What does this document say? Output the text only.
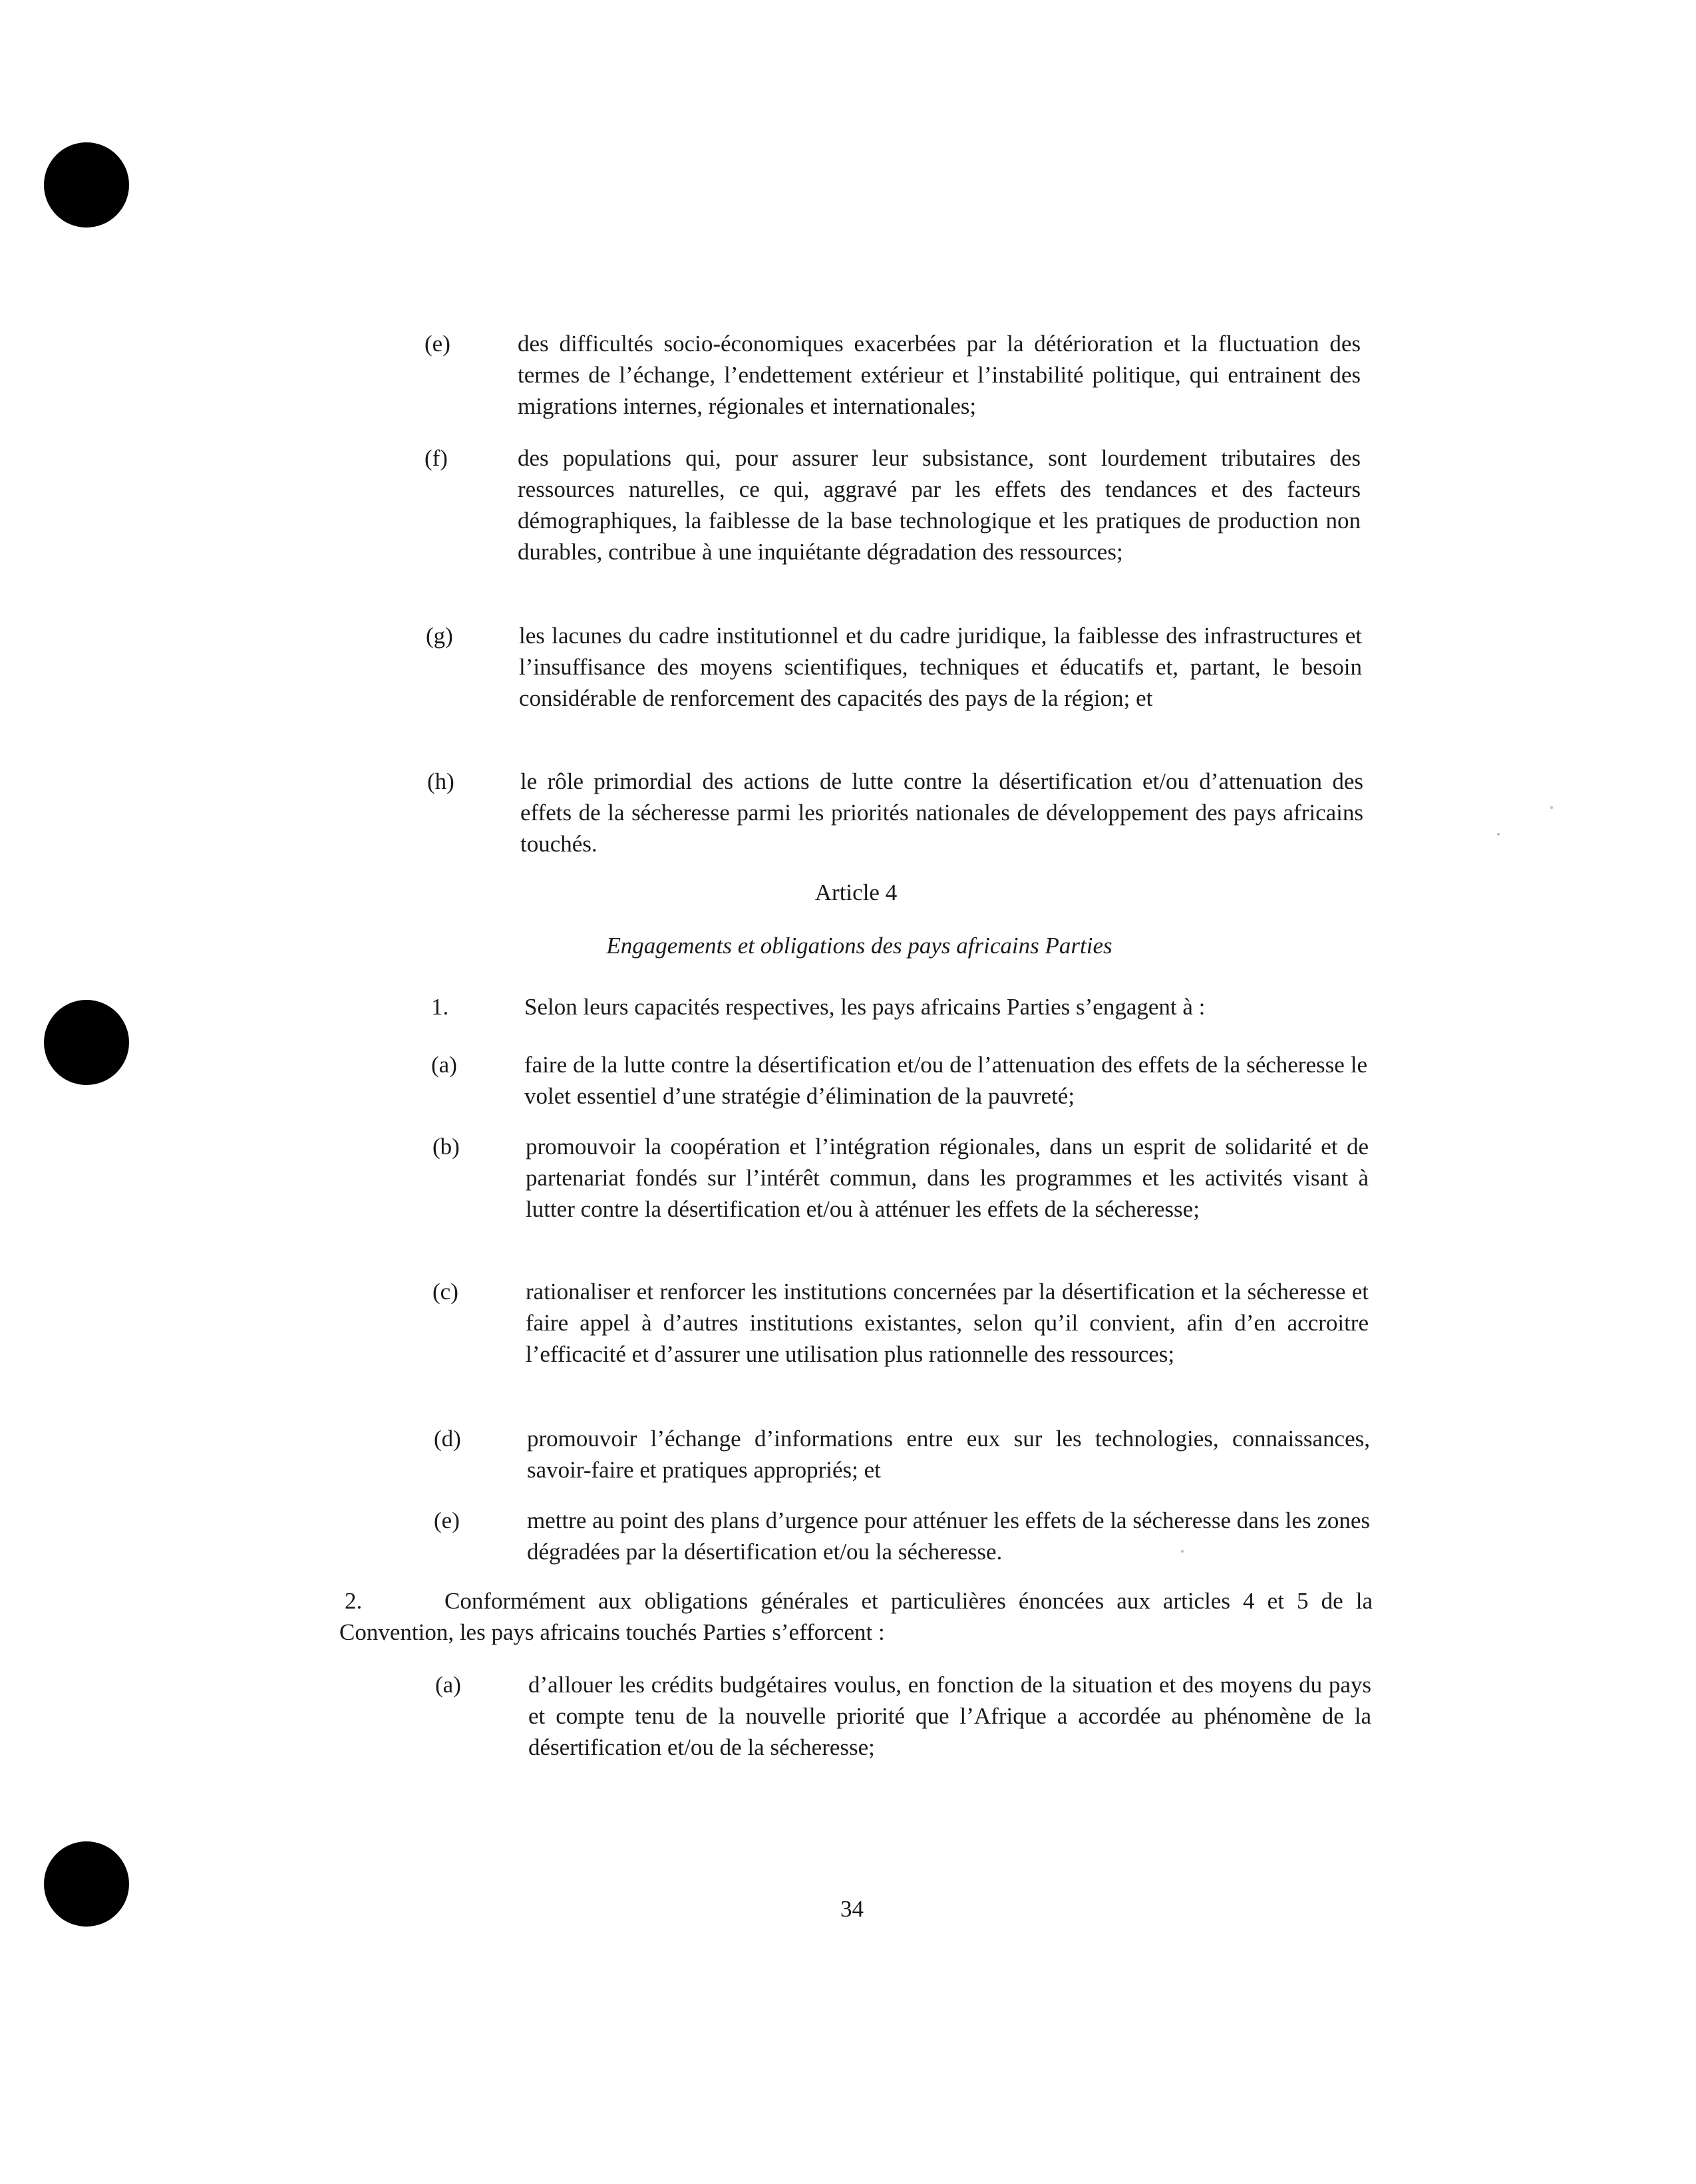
(e)	des difficultés socio-économiques exacerbées par la détérioration et la fluctuation des termes de l’échange, l’endettement extérieur et l’instabilité politique, qui entrainent des migrations internes, régionales et internationales;
(f)	des populations qui, pour assurer leur subsistance, sont lourdement tributaires des ressources naturelles, ce qui, aggravé par les effets des tendances et des facteurs démographiques, la faiblesse de la base technologique et les pratiques de production non durables, contribue à une inquiétante dégradation des ressources;
(g)	les lacunes du cadre institutionnel et du cadre juridique, la faiblesse des infrastructures et l’insuffisance des moyens scientifiques, techniques et éducatifs et, partant, le besoin considérable de renforcement des capacités des pays de la région; et
(h)	le rôle primordial des actions de lutte contre la désertification et/ou d’attenuation des effets de la sécheresse parmi les priorités nationales de développement des pays africains touchés.
Article 4
Engagements et obligations des pays africains Parties
1.	Selon leurs capacités respectives, les pays africains Parties s’engagent à :
(a)	faire de la lutte contre la désertification et/ou de l’attenuation des effets de la sécheresse le volet essentiel d’une stratégie d’élimination de la pauvreté;
(b)	promouvoir la coopération et l’intégration régionales, dans un esprit de solidarité et de partenariat fondés sur l’intérêt commun, dans les programmes et les activités visant à lutter contre la désertification et/ou à atténuer les effets de la sécheresse;
(c)	rationaliser et renforcer les institutions concernées par la désertification et la sécheresse et faire appel à d’autres institutions existantes, selon qu’il convient, afin d’en accroitre l’efficacité et d’assurer une utilisation plus rationnelle des ressources;
(d)	promouvoir l’échange d’informations entre eux sur les technologies, connaissances, savoir-faire et pratiques appropriés; et
(e)	mettre au point des plans d’urgence pour atténuer les effets de la sécheresse dans les zones dégradées par la désertification et/ou la sécheresse.
2.	Conformément aux obligations générales et particulières énoncées aux articles 4 et 5 de la Convention, les pays africains touchés Parties s’efforcent :
(a)	d’allouer les crédits budgétaires voulus, en fonction de la situation et des moyens du pays et compte tenu de la nouvelle priorité que l’Afrique a accordée au phénomène de la désertification et/ou de la sécheresse;
34
